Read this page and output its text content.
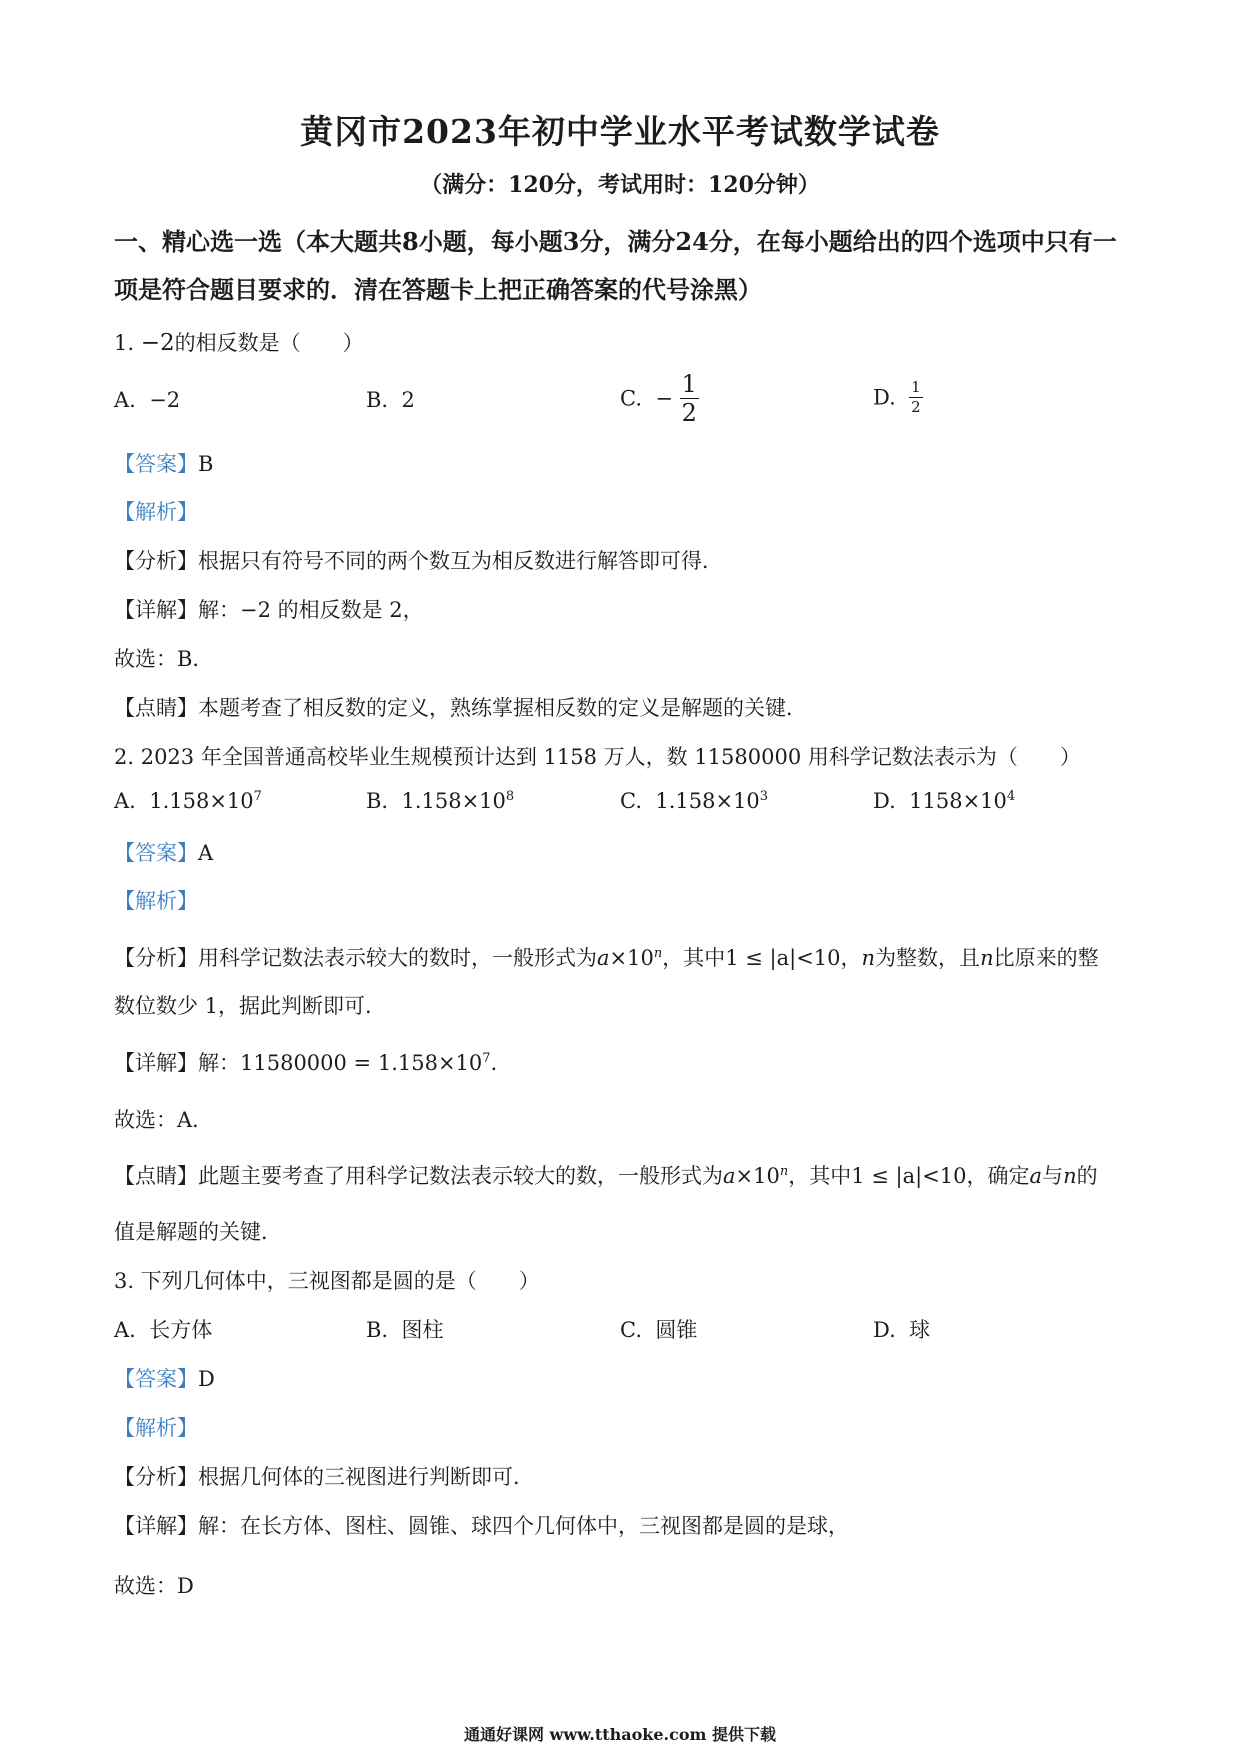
黄冈市2023年初中学业水平考试数学试卷
（满分：120分，考试用时：120分钟）
一、精心选一选（本大题共8小题，每小题3分，满分24分，在每小题给出的四个选项中只有一项是符合题目要求的．清在答题卡上把正确答案的代号涂黑）
1. −2的相反数是（　　）
A. −2	B. 2	C. − $\frac{1}{2}$	D. $\frac{1}{2}$
【答案】B
【解析】
【分析】根据只有符号不同的两个数互为相反数进行解答即可得．
【详解】解：−2 的相反数是 2，
故选：B．
【点睛】本题考查了相反数的定义，熟练掌握相反数的定义是解题的关键．
2. 2023 年全国普通高校毕业生规模预计达到 1158 万人，数 11580000 用科学记数法表示为（　　）
A. $1.158\times 10^7$	B. $1.158\times 10^8$	C. $1.158\times 10^3$	D. $1158\times 10^4$
【答案】A
【解析】
【分析】用科学记数法表示较大的数时，一般形式为$a\times 10^n$，其中1 ≤ |a|<10，n为整数，且n比原来的整
数位数少 1，据此判断即可．
【详解】解：$11580000 = 1.158\times 10^7$．
故选：A．
【点睛】此题主要考查了用科学记数法表示较大的数，一般形式为$a\times 10^n$，其中1 ≤ |a|<10，确定a与n的
值是解题的关键．
3. 下列几何体中，三视图都是圆的是（　　）
A. 长方体	B. 图柱	C. 圆锥	D. 球
【答案】D
【解析】
【分析】根据几何体的三视图进行判断即可．
【详解】解：在长方体、图柱、圆锥、球四个几何体中，三视图都是圆的是球，
故选：D
通通好课网 www.tthaoke.com 提供下载
